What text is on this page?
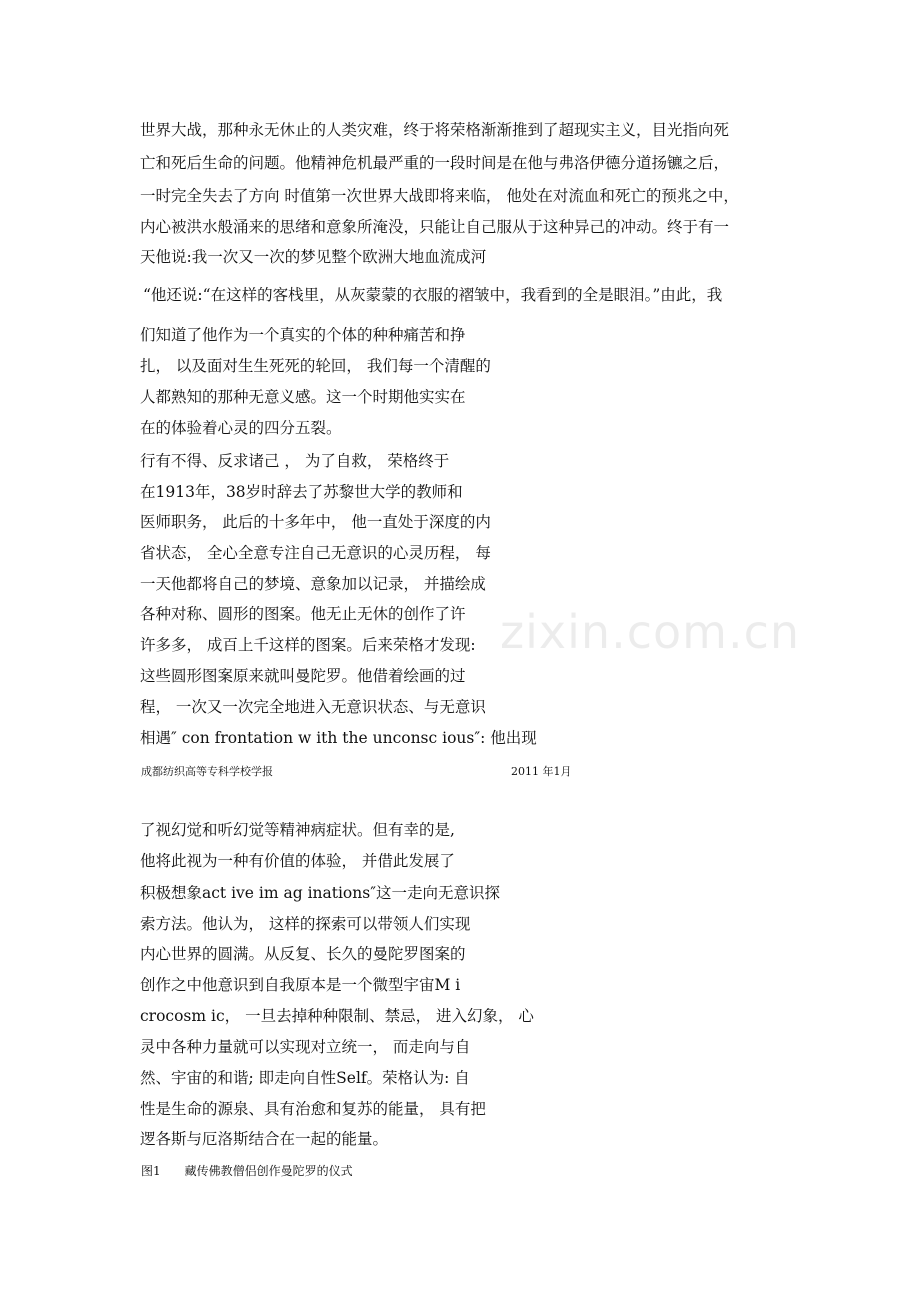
zixin.com.cn
世界大战，那种永无休止的人类灾难，终于将荣格渐渐推到了超现实主义，目光指向死
亡和死后生命的问题。他精神危机最严重的一段时间是在他与弗洛伊德分道扬镳之后，
一时完全失去了方向 时值第一次世界大战即将来临， 他处在对流血和死亡的预兆之中，
内心被洪水般涌来的思绪和意象所淹没，只能让自己服从于这种异己的冲动。终于有一
天他说:我一次又一次的梦见整个欧洲大地血流成河
“他还说:“在这样的客栈里，从灰蒙蒙的衣服的褶皱中，我看到的全是眼泪。”由此，我
们知道了他作为一个真实的个体的种种痛苦和挣
扎， 以及面对生生死死的轮回， 我们每一个清醒的
人都熟知的那种无意义感。这一个时期他实实在
在的体验着心灵的四分五裂。
行有不得、反求诸己 ， 为了自救， 荣格终于
在1913年，38岁时辞去了苏黎世大学的教师和
医师职务， 此后的十多年中， 他一直处于深度的内
省状态， 全心全意专注自己无意识的心灵历程， 每
一天他都将自己的梦境、意象加以记录， 并描绘成
各种对称、圆形的图案。他无止无休的创作了许
许多多， 成百上千这样的图案。后来荣格才发现:
这些圆形图案原来就叫曼陀罗。他借着绘画的过
程， 一次又一次完全地进入无意识状态、与无意识
相遇″ con frontation w ith the unconsc ious″: 他出现
成都纺织高等专科学校学报	2011 年1月
了视幻觉和听幻觉等精神病症状。但有幸的是,
他将此视为一种有价值的体验， 并借此发展了
积极想象act ive im ag inations″这一走向无意识探
索方法。他认为， 这样的探索可以带领人们实现
内心世界的圆满。从反复、长久的曼陀罗图案的
创作之中他意识到自我原本是一个微型宇宙M i
crocosm ic， 一旦去掉种种限制、禁忌， 进入幻象， 心
灵中各种力量就可以实现对立统一， 而走向与自
然、宇宙的和谐; 即走向自性Self。荣格认为: 自
性是生命的源泉、具有治愈和复苏的能量， 具有把
逻各斯与厄洛斯结合在一起的能量。
图1　　藏传佛教僧侣创作曼陀罗的仪式
